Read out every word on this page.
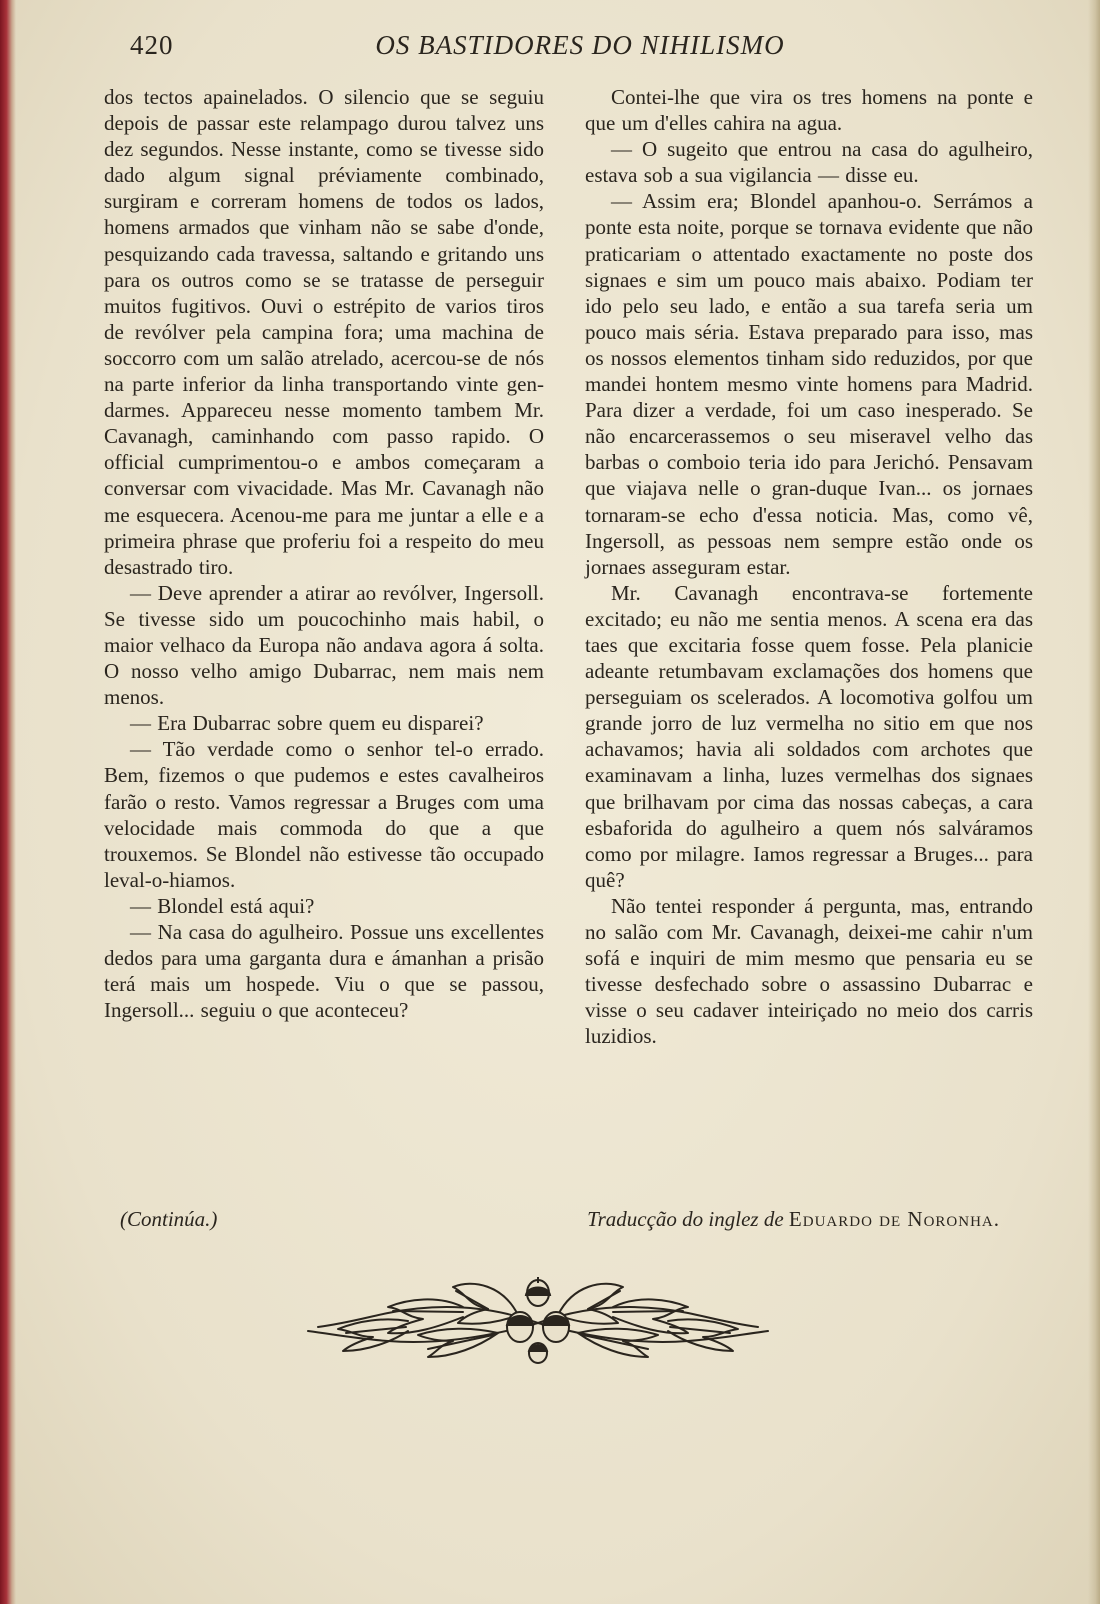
420	OS BASTIDORES DO NIHILISMO

dos tectos apainelados. O silencio que se seguiu depois de passar este relampago durou talvez uns dez segundos. Nesse instante, como se tivesse sido dado algum signal préviamente combinado, surgiram e correram homens de todos os lados, homens armados que vinham não se sabe d'onde, pesquizando cada travessa, saltando e gritando uns para os outros como se se tratasse de perseguir muitos fugitivos. Ouvi o estrépito de varios tiros de revólver pela campina fora; uma machina de soccorro com um salão atrelado, acercou-se de nós na parte inferior da linha transportando vinte gendarmes. Appareceu nesse momento tambem Mr. Cavanagh, caminhando com passo rapido. O official cumprimentou-o e ambos começaram a conversar com vivacidade. Mas Mr. Cavanagh não me esquecera. Acenou-me para me juntar a elle e a primeira phrase que proferiu foi a respeito do meu desastrado tiro.

— Deve aprender a atirar ao revólver, Ingersoll. Se tivesse sido um poucochinho mais habil, o maior velhaco da Europa não andava agora á solta. O nosso velho amigo Dubarrac, nem mais nem menos.

— Era Dubarrac sobre quem eu disparei?

— Tão verdade como o senhor tel-o errado. Bem, fizemos o que pudemos e estes cavalheiros farão o resto. Vamos regressar a Bruges com uma velocidade mais commoda do que a que trouxemos. Se Blondel não estivesse tão occupado leval-o-hiamos.

— Blondel está aqui?

— Na casa do agulheiro. Possue uns excellentes dedos para uma garganta dura e ámanhan a prisão terá mais um hospede. Viu o que se passou, Ingersoll... seguiu o que aconteceu?

Contei-lhe que vira os tres homens na ponte e que um d'elles cahira na agua.

— O sugeito que entrou na casa do agulheiro, estava sob a sua vigilancia — disse eu.

— Assim era; Blondel apanhou-o. Serrámos a ponte esta noite, porque se tornava evidente que não praticariam o attentado exactamente no poste dos signaes e sim um pouco mais abaixo. Podiam ter ido pelo seu lado, e então a sua tarefa seria um pouco mais séria. Estava preparado para isso, mas os nossos elementos tinham sido reduzidos, por que mandei hontem mesmo vinte homens para Madrid. Para dizer a verdade, foi um caso inesperado. Se não encarcerassemos o seu miseravel velho das barbas o comboio teria ido para Jerichó. Pensavam que viajava nelle o gran-duque Ivan... os jornaes tornaram-se echo d'essa noticia. Mas, como vê, Ingersoll, as pessoas nem sempre estão onde os jornaes asseguram estar.

Mr. Cavanagh encontrava-se fortemente excitado; eu não me sentia menos. A scena era das taes que excitaria fosse quem fosse. Pela planicie adeante retumbavam exclamações dos homens que perseguiam os scelerados. A locomotiva golfou um grande jorro de luz vermelha no sitio em que nos achavamos; havia ali soldados com archotes que examinavam a linha, luzes vermelhas dos signaes que brilhavam por cima das nossas cabeças, a cara esbaforida do agulheiro a quem nós salváramos como por milagre. Iamos regressar a Bruges... para quê?

Não tentei responder á pergunta, mas, entrando no salão com Mr. Cavanagh, deixei-me cahir n'um sofá e inquiri de mim mesmo que pensaria eu se tivesse desfechado sobre o assassino Dubarrac e visse o seu cadaver inteiriçado no meio dos carris luzidios.

(Continúa.)	Traducção do inglez de Eduardo de Noronha.
